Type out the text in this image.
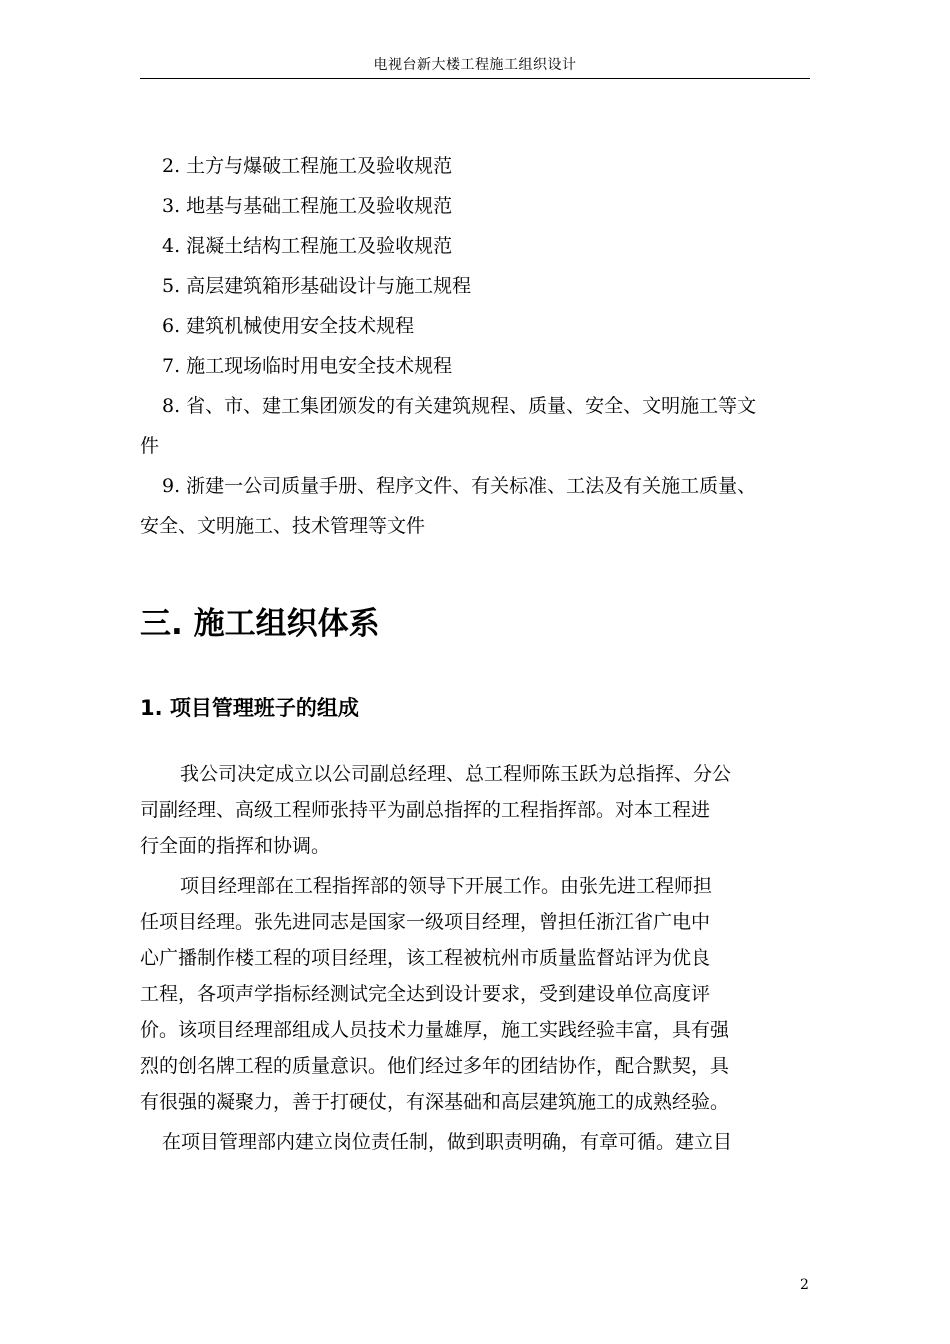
电视台新大楼工程施工组织设计
2. 土方与爆破工程施工及验收规范
3. 地基与基础工程施工及验收规范
4. 混凝土结构工程施工及验收规范
5. 高层建筑箱形基础设计与施工规程
6. 建筑机械使用安全技术规程
7. 施工现场临时用电安全技术规程
8. 省、市、建工集团颁发的有关建筑规程、质量、安全、文明施工等文
件
9. 浙建一公司质量手册、程序文件、有关标准、工法及有关施工质量、
安全、文明施工、技术管理等文件
三. 施工组织体系
1. 项目管理班子的组成
我公司决定成立以公司副总经理、总工程师陈玉跃为总指挥、分公
司副经理、高级工程师张持平为副总指挥的工程指挥部。对本工程进
行全面的指挥和协调。
项目经理部在工程指挥部的领导下开展工作。由张先进工程师担
任项目经理。张先进同志是国家一级项目经理，曾担任浙江省广电中
心广播制作楼工程的项目经理，该工程被杭州市质量监督站评为优良
工程，各项声学指标经测试完全达到设计要求，受到建设单位高度评
价。该项目经理部组成人员技术力量雄厚，施工实践经验丰富，具有强
烈的创名牌工程的质量意识。他们经过多年的团结协作，配合默契，具
有很强的凝聚力，善于打硬仗，有深基础和高层建筑施工的成熟经验。
在项目管理部内建立岗位责任制，做到职责明确，有章可循。建立目
2
